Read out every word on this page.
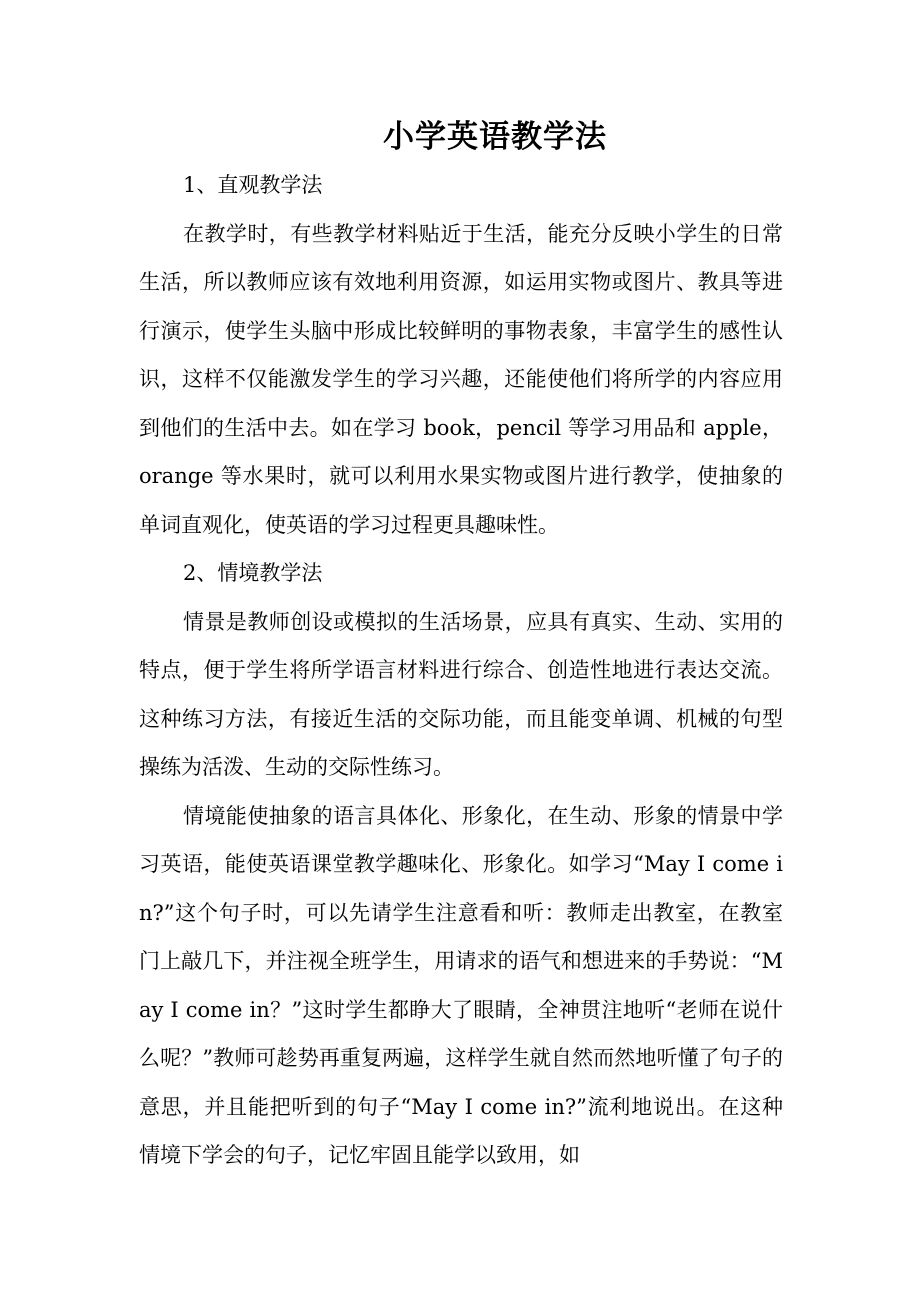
小学英语教学法

1、直观教学法

在教学时，有些教学材料贴近于生活，能充分反映小学生的日常生活，所以教师应该有效地利用资源，如运用实物或图片、教具等进行演示，使学生头脑中形成比较鲜明的事物表象，丰富学生的感性认识，这样不仅能激发学生的学习兴趣，还能使他们将所学的内容应用到他们的生活中去。如在学习 book，pencil 等学习用品和 apple，orange 等水果时，就可以利用水果实物或图片进行教学，使抽象的单词直观化，使英语的学习过程更具趣味性。

2、情境教学法

情景是教师创设或模拟的生活场景，应具有真实、生动、实用的特点，便于学生将所学语言材料进行综合、创造性地进行表达交流。这种练习方法，有接近生活的交际功能，而且能变单调、机械的句型操练为活泼、生动的交际性练习。

情境能使抽象的语言具体化、形象化，在生动、形象的情景中学习英语，能使英语课堂教学趣味化、形象化。如学习“May I come in?”这个句子时，可以先请学生注意看和听：教师走出教室，在教室门上敲几下，并注视全班学生，用请求的语气和想进来的手势说：“May I come in？”这时学生都睁大了眼睛，全神贯注地听“老师在说什么呢？”教师可趁势再重复两遍，这样学生就自然而然地听懂了句子的意思，并且能把听到的句子“May I come in?”流利地说出。在这种情境下学会的句子，记忆牢固且能学以致用，如
